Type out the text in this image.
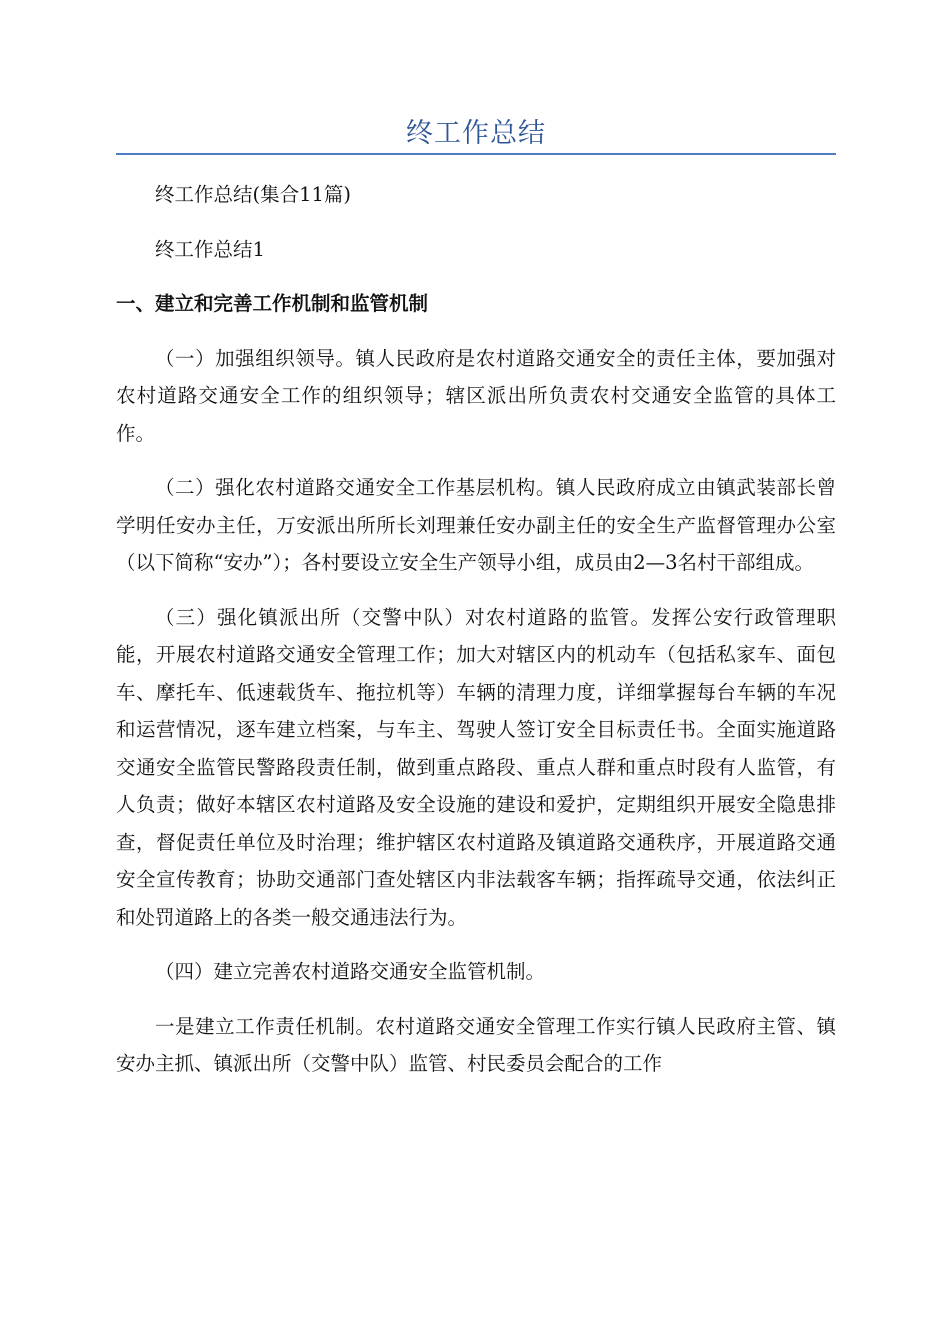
终工作总结

终工作总结(集合11篇)

终工作总结1

一、建立和完善工作机制和监管机制

（一）加强组织领导。镇人民政府是农村道路交通安全的责任主体，要加强对农村道路交通安全工作的组织领导；辖区派出所负责农村交通安全监管的具体工作。

（二）强化农村道路交通安全工作基层机构。镇人民政府成立由镇武装部长曾学明任安办主任，万安派出所所长刘理兼任安办副主任的安全生产监督管理办公室（以下简称“安办”）；各村要设立安全生产领导小组，成员由2—3名村干部组成。

（三）强化镇派出所（交警中队）对农村道路的监管。发挥公安行政管理职能，开展农村道路交通安全管理工作；加大对辖区内的机动车（包括私家车、面包车、摩托车、低速载货车、拖拉机等）车辆的清理力度，详细掌握每台车辆的车况和运营情况，逐车建立档案，与车主、驾驶人签订安全目标责任书。全面实施道路交通安全监管民警路段责任制，做到重点路段、重点人群和重点时段有人监管，有人负责；做好本辖区农村道路及安全设施的建设和爱护，定期组织开展安全隐患排查，督促责任单位及时治理；维护辖区农村道路及镇道路交通秩序，开展道路交通安全宣传教育；协助交通部门查处辖区内非法载客车辆；指挥疏导交通，依法纠正和处罚道路上的各类一般交通违法行为。

（四）建立完善农村道路交通安全监管机制。

一是建立工作责任机制。农村道路交通安全管理工作实行镇人民政府主管、镇安办主抓、镇派出所（交警中队）监管、村民委员会配合的工作
